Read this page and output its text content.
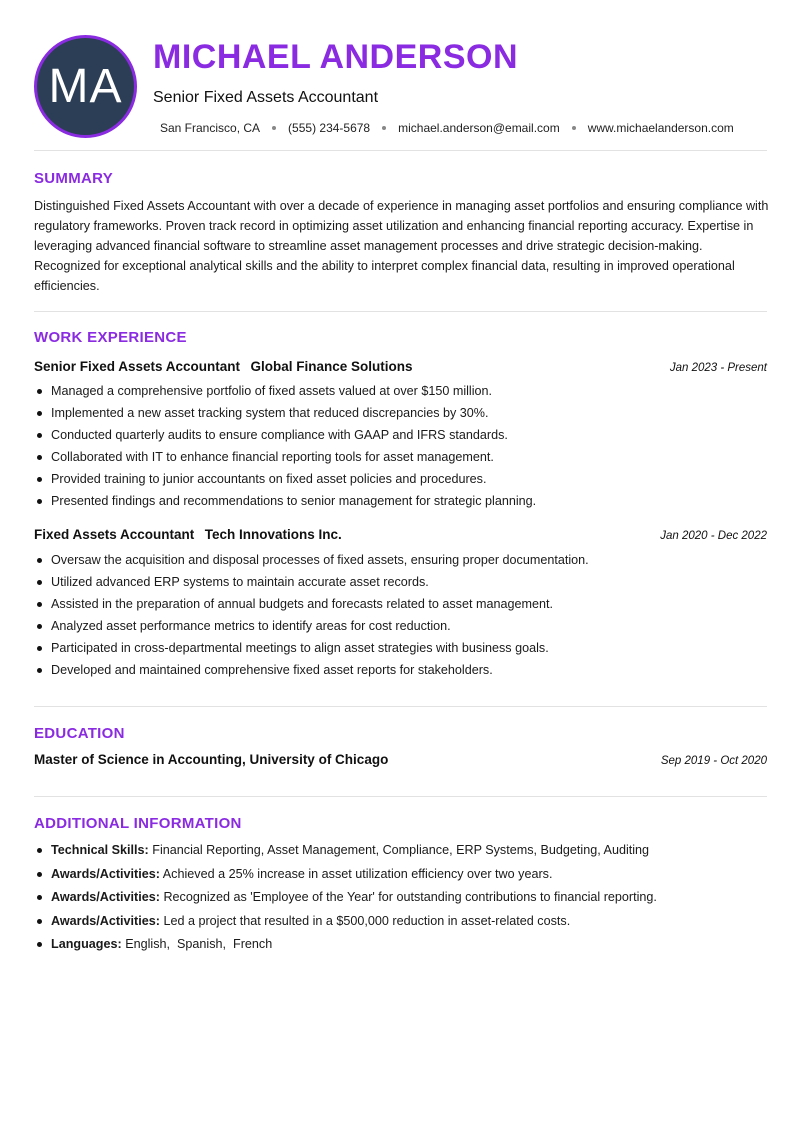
MA
MICHAEL ANDERSON
Senior Fixed Assets Accountant
San Francisco, CA (555) 234-5678 michael.anderson@email.com www.michaelanderson.com
SUMMARY
Distinguished Fixed Assets Accountant with over a decade of experience in managing asset portfolios and ensuring compliance with regulatory frameworks. Proven track record in optimizing asset utilization and enhancing financial reporting accuracy. Expertise in leveraging advanced financial software to streamline asset management processes and drive strategic decision-making. Recognized for exceptional analytical skills and the ability to interpret complex financial data, resulting in improved operational efficiencies.
WORK EXPERIENCE
Senior Fixed Assets Accountant Global Finance Solutions	Jan 2023 - Present
Managed a comprehensive portfolio of fixed assets valued at over $150 million.
Implemented a new asset tracking system that reduced discrepancies by 30%.
Conducted quarterly audits to ensure compliance with GAAP and IFRS standards.
Collaborated with IT to enhance financial reporting tools for asset management.
Provided training to junior accountants on fixed asset policies and procedures.
Presented findings and recommendations to senior management for strategic planning.
Fixed Assets Accountant Tech Innovations Inc.	Jan 2020 - Dec 2022
Oversaw the acquisition and disposal processes of fixed assets, ensuring proper documentation.
Utilized advanced ERP systems to maintain accurate asset records.
Assisted in the preparation of annual budgets and forecasts related to asset management.
Analyzed asset performance metrics to identify areas for cost reduction.
Participated in cross-departmental meetings to align asset strategies with business goals.
Developed and maintained comprehensive fixed asset reports for stakeholders.
EDUCATION
Master of Science in Accounting, University of Chicago	Sep 2019 - Oct 2020
ADDITIONAL INFORMATION
Technical Skills: Financial Reporting, Asset Management, Compliance, ERP Systems, Budgeting, Auditing
Awards/Activities: Achieved a 25% increase in asset utilization efficiency over two years.
Awards/Activities: Recognized as 'Employee of the Year' for outstanding contributions to financial reporting.
Awards/Activities: Led a project that resulted in a $500,000 reduction in asset-related costs.
Languages: English,  Spanish,  French
